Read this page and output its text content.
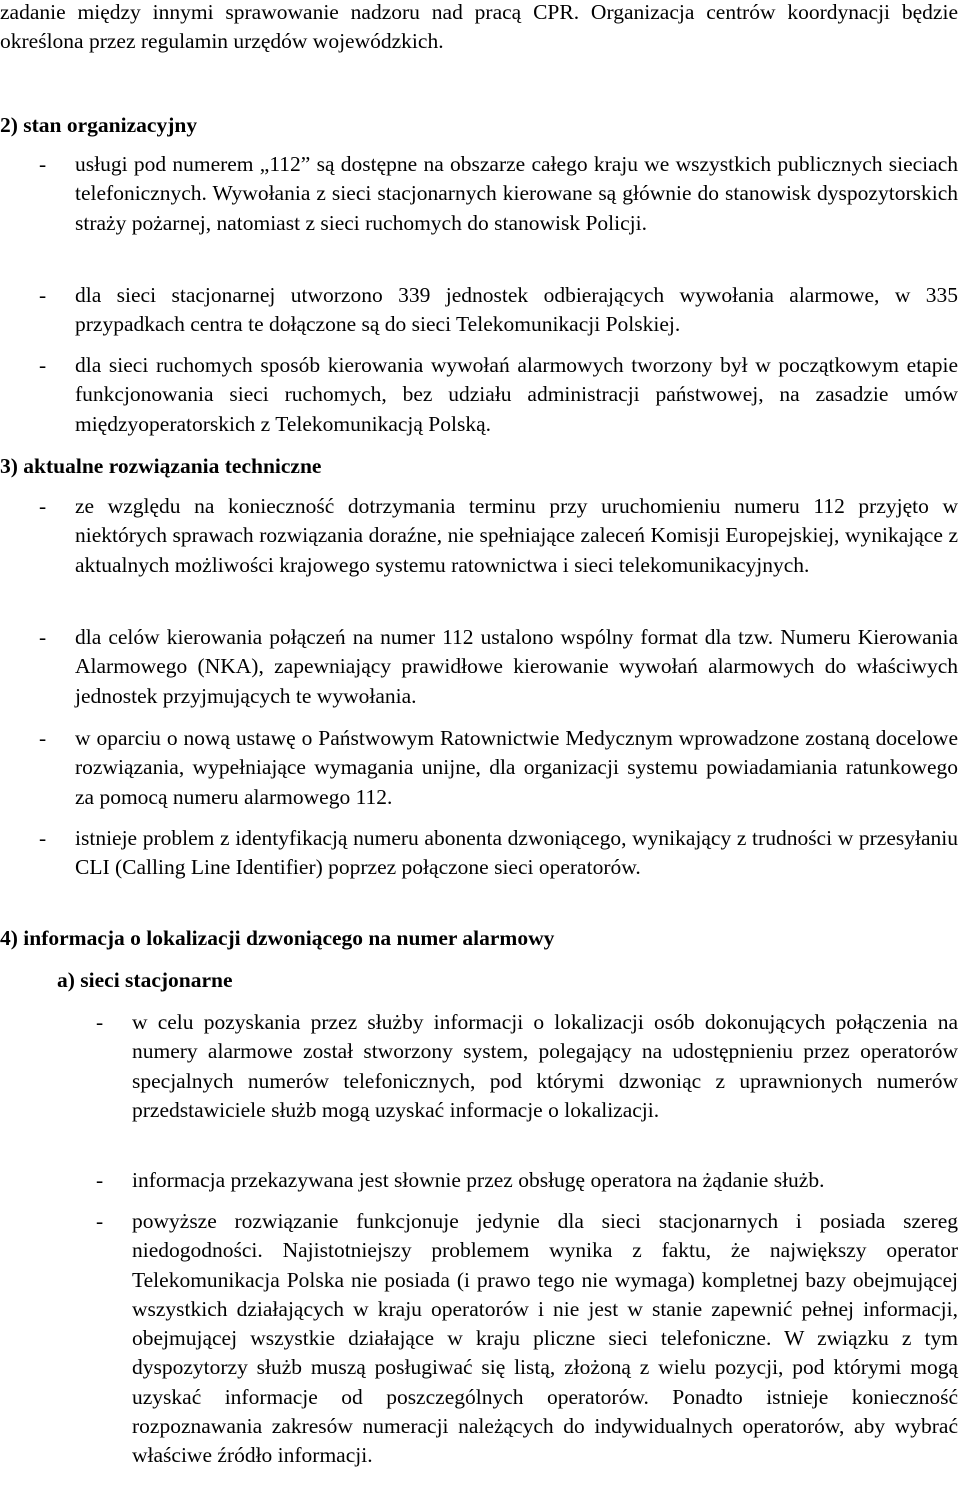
zadanie między innymi sprawowanie nadzoru nad pracą CPR. Organizacja centrów koordynacji będzie określona przez regulamin urzędów wojewódzkich.
2) stan organizacyjny
- usługi pod numerem „112” są dostępne na obszarze całego kraju we wszystkich publicznych sieciach telefonicznych. Wywołania z sieci stacjonarnych kierowane są głównie do stanowisk dyspozytorskich straży pożarnej, natomiast z sieci ruchomych do stanowisk Policji.
- dla sieci stacjonarnej utworzono 339 jednostek odbierających wywołania alarmowe, w 335 przypadkach centra te dołączone są do sieci Telekomunikacji Polskiej.
- dla sieci ruchomych sposób kierowania wywołań alarmowych tworzony był w początkowym etapie funkcjonowania sieci ruchomych, bez udziału administracji państwowej, na zasadzie umów międzyoperatorskich z Telekomunikacją Polską.
3) aktualne rozwiązania techniczne
- ze względu na konieczność dotrzymania terminu przy uruchomieniu numeru 112 przyjęto w niektórych sprawach rozwiązania doraźne, nie spełniające zaleceń Komisji Europejskiej, wynikające z aktualnych możliwości krajowego systemu ratownictwa i sieci telekomunikacyjnych.
- dla celów kierowania połączeń na numer 112 ustalono wspólny format dla tzw. Numeru Kierowania Alarmowego (NKA), zapewniający prawidłowe kierowanie wywołań alarmowych do właściwych jednostek przyjmujących te wywołania.
- w oparciu o nową ustawę o Państwowym Ratownictwie Medycznym wprowadzone zostaną docelowe rozwiązania, wypełniające wymagania unijne, dla organizacji systemu powiadamiania ratunkowego za pomocą numeru alarmowego 112.
- istnieje problem z identyfikacją numeru abonenta dzwoniącego, wynikający z trudności w przesyłaniu CLI (Calling Line Identifier) poprzez połączone sieci operatorów.
4) informacja o lokalizacji dzwoniącego na numer alarmowy
a) sieci stacjonarne
- w celu pozyskania przez służby informacji o lokalizacji osób dokonujących połączenia na numery alarmowe został stworzony system, polegający na udostępnieniu przez operatorów specjalnych numerów telefonicznych, pod którymi dzwoniąc z uprawnionych numerów przedstawiciele służb mogą uzyskać informacje o lokalizacji.
- informacja przekazywana jest słownie przez obsługę operatora na żądanie służb.
- powyższe rozwiązanie funkcjonuje jedynie dla sieci stacjonarnych i posiada szereg niedogodności. Najistotniejszy problemem wynika z faktu, że największy operator Telekomunikacja Polska nie posiada (i prawo tego nie wymaga) kompletnej bazy obejmującej wszystkich działających w kraju operatorów i nie jest w stanie zapewnić pełnej informacji, obejmującej wszystkie działające w kraju pliczne sieci telefoniczne. W związku z tym dyspozytorzy służb muszą posługiwać się listą, złożoną z wielu pozycji, pod którymi mogą uzyskać informacje od poszczególnych operatorów. Ponadto istnieje konieczność rozpoznawania zakresów numeracji należących do indywidualnych operatorów, aby wybrać właściwe źródło informacji.
